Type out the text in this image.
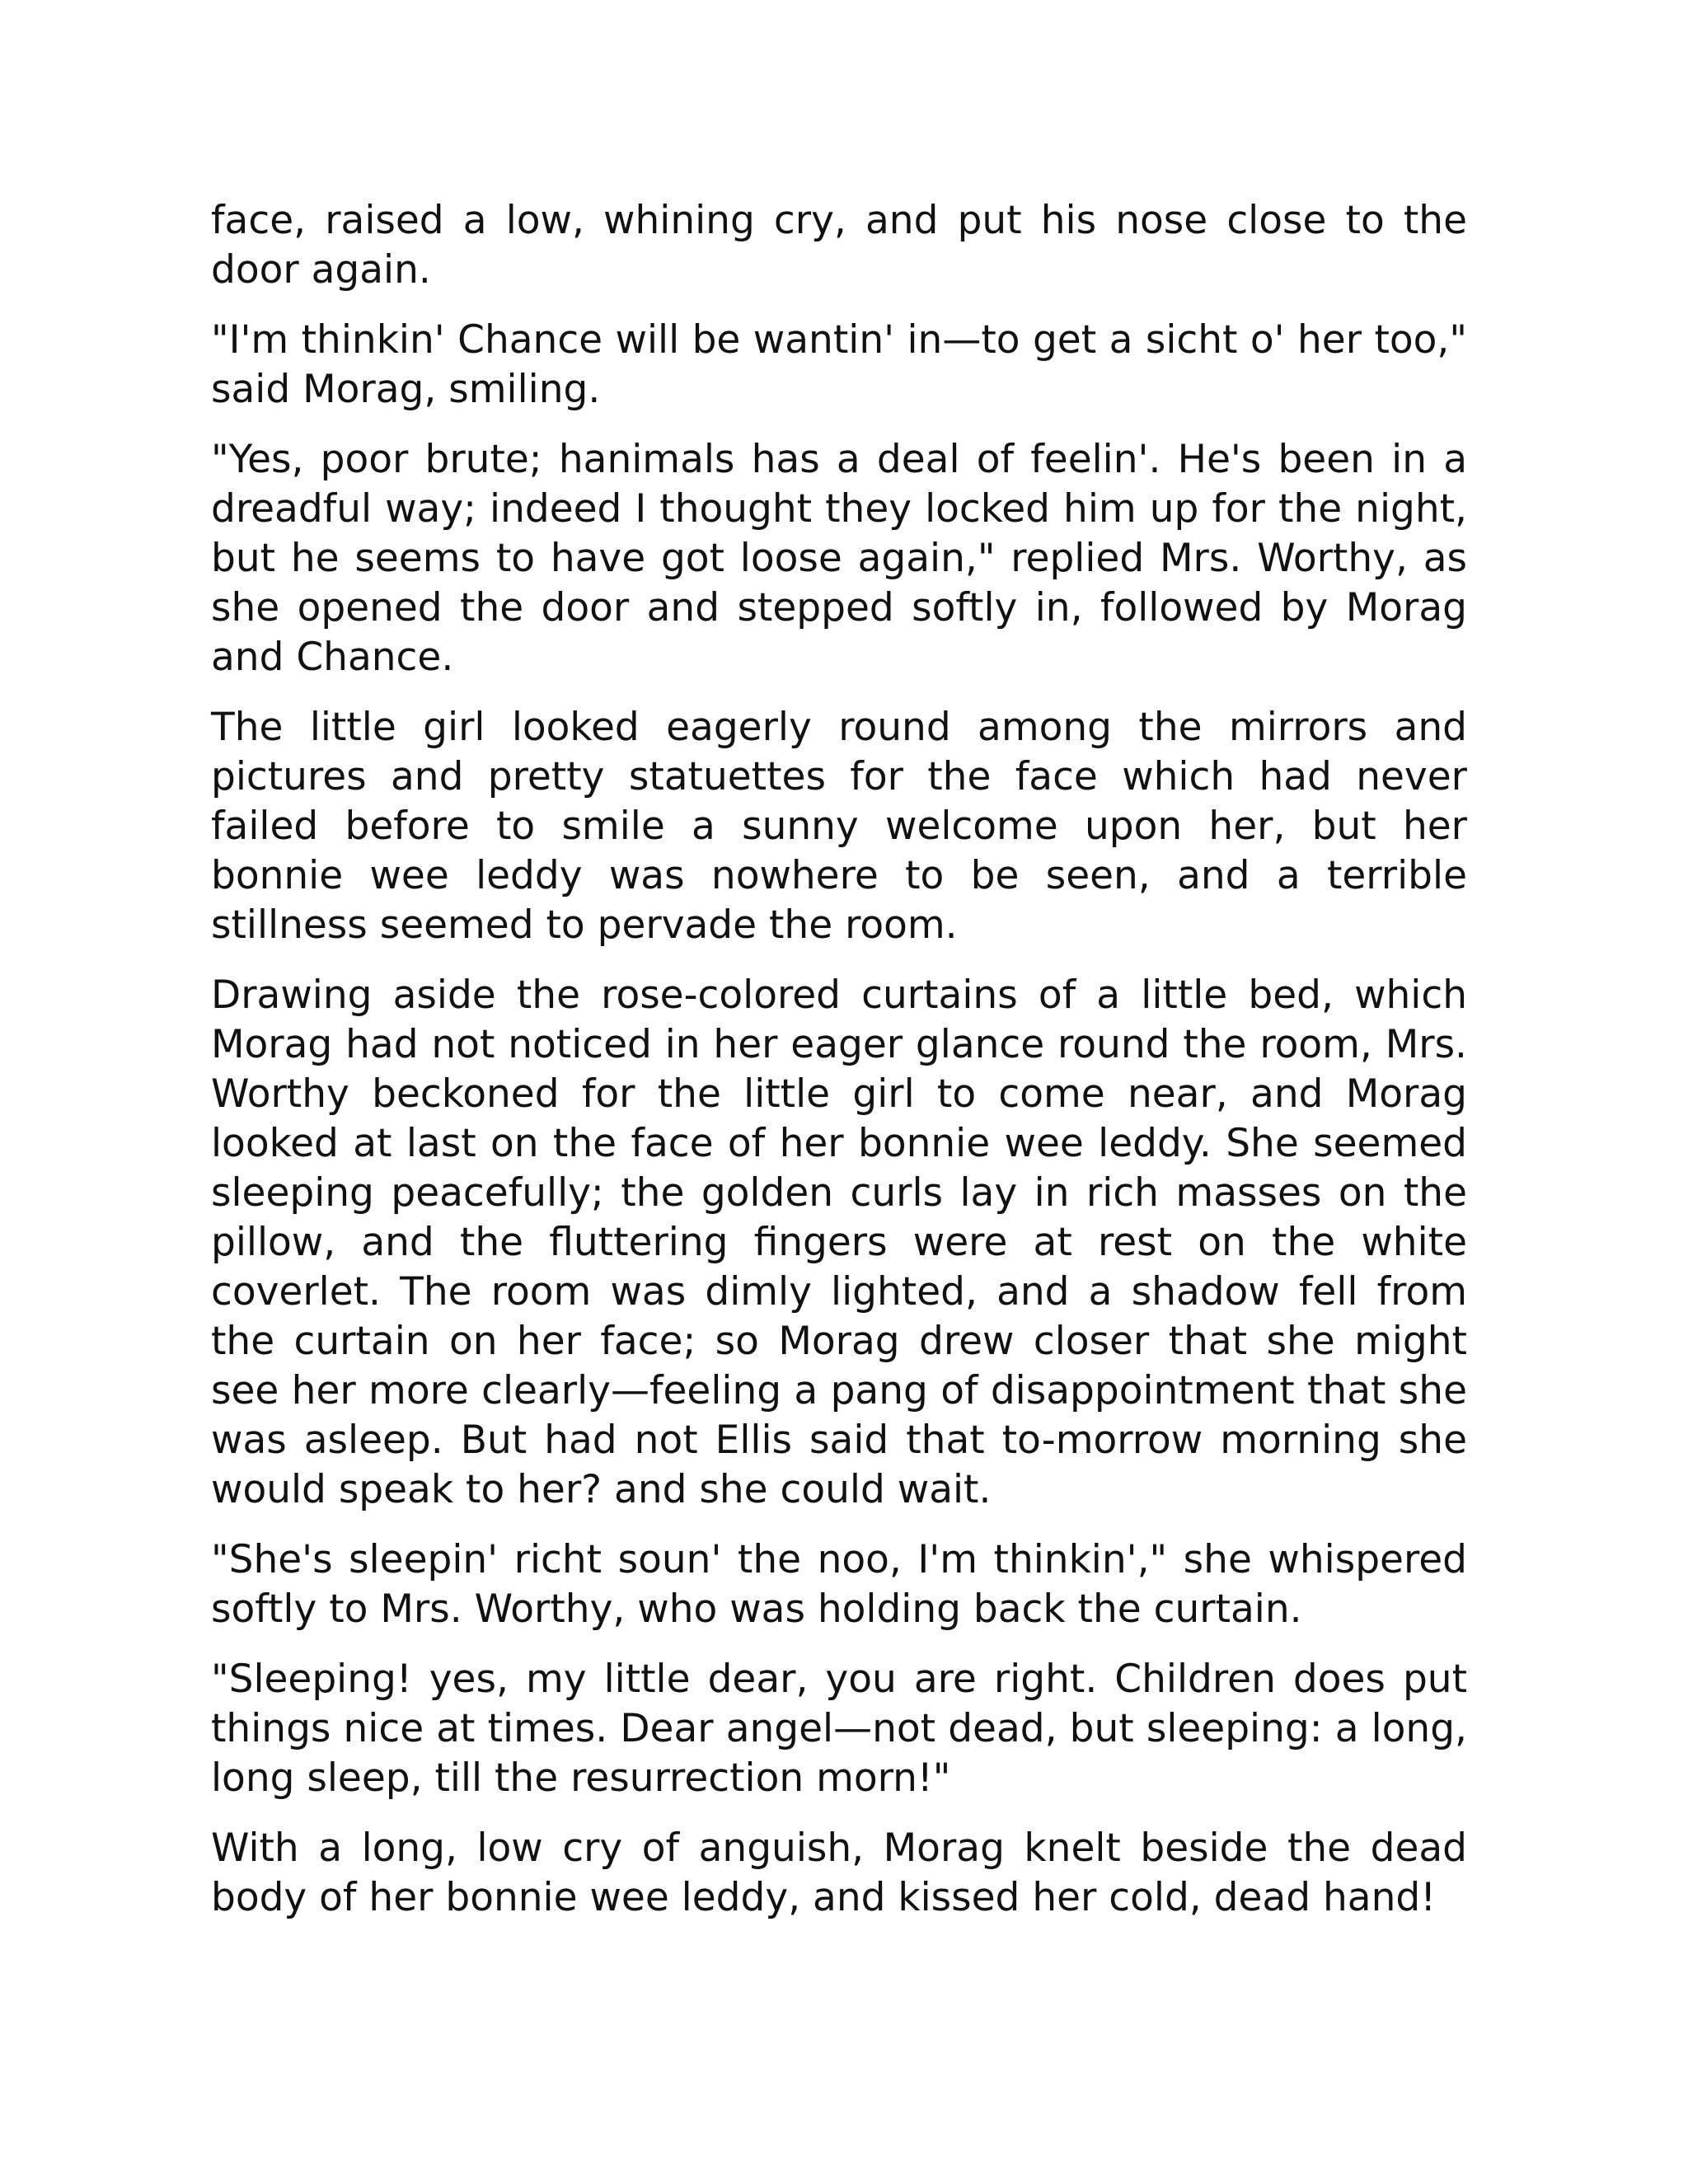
face, raised a low, whining cry, and put his nose close to the door again.

"I'm thinkin' Chance will be wantin' in—to get a sicht o' her too," said Morag, smiling.

"Yes, poor brute; hanimals has a deal of feelin'. He's been in a dreadful way; indeed I thought they locked him up for the night, but he seems to have got loose again," replied Mrs. Worthy, as she opened the door and stepped softly in, followed by Morag and Chance.

The little girl looked eagerly round among the mirrors and pictures and pretty statuettes for the face which had never failed before to smile a sunny welcome upon her, but her bonnie wee leddy was nowhere to be seen, and a terrible stillness seemed to pervade the room.

Drawing aside the rose-colored curtains of a little bed, which Morag had not noticed in her eager glance round the room, Mrs. Worthy beckoned for the little girl to come near, and Morag looked at last on the face of her bonnie wee leddy. She seemed sleeping peacefully; the golden curls lay in rich masses on the pillow, and the fluttering fingers were at rest on the white coverlet. The room was dimly lighted, and a shadow fell from the curtain on her face; so Morag drew closer that she might see her more clearly—feeling a pang of disappointment that she was asleep. But had not Ellis said that to-morrow morning she would speak to her? and she could wait.

"She's sleepin' richt soun' the noo, I'm thinkin'," she whispered softly to Mrs. Worthy, who was holding back the curtain.

"Sleeping! yes, my little dear, you are right. Children does put things nice at times. Dear angel—not dead, but sleeping: a long, long sleep, till the resurrection morn!"

With a long, low cry of anguish, Morag knelt beside the dead body of her bonnie wee leddy, and kissed her cold, dead hand!
